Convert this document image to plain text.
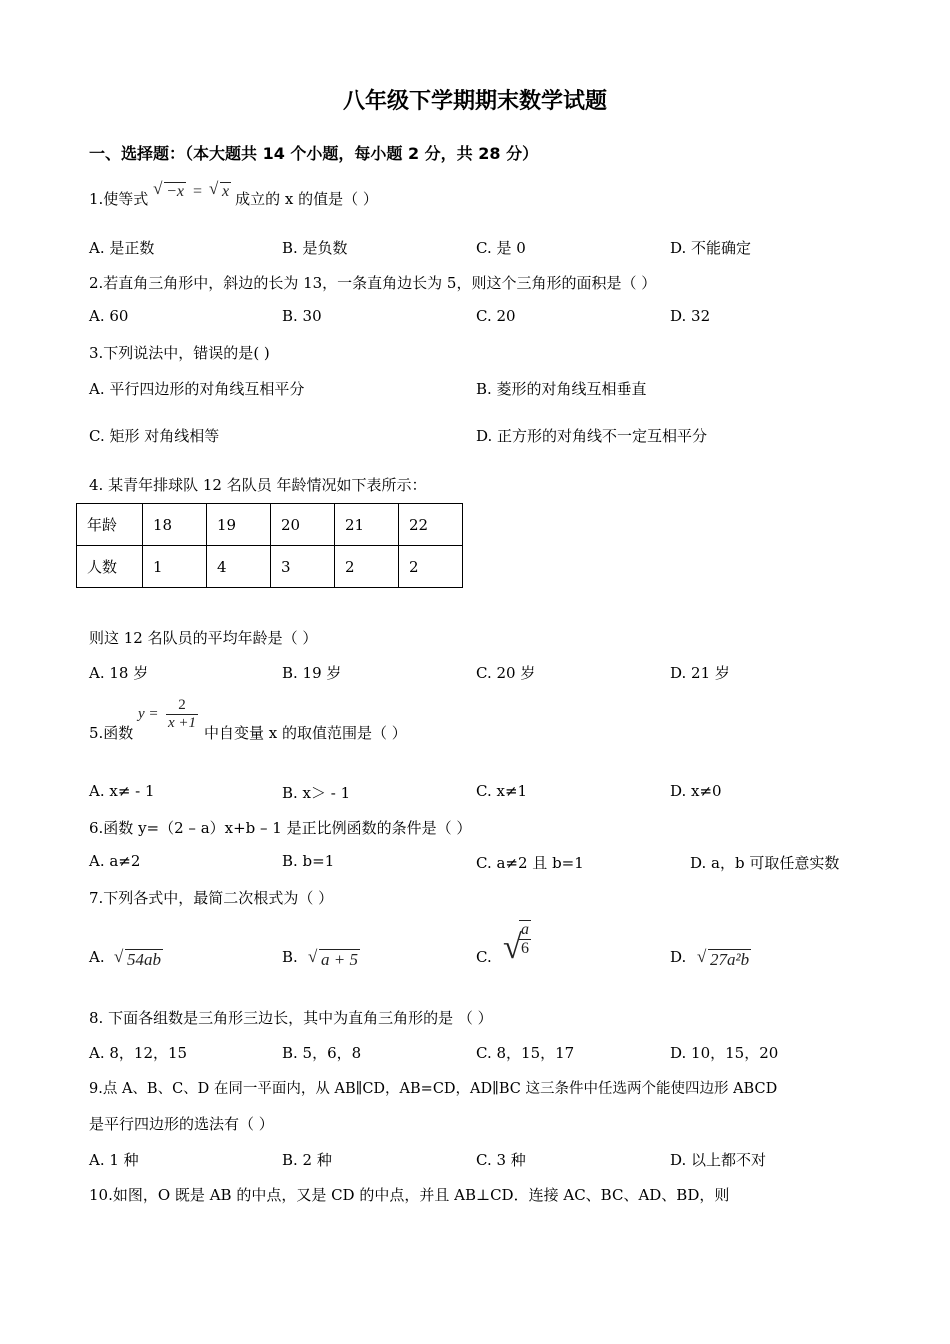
八年级下学期期末数学试题
一、选择题：（本大题共 14 个小题，每小题 2 分，共 28 分）
1.使等式
√ −x = √ x 成立的 x 的值是（ ）
A. 是正数	B. 是负数	C. 是 0	D. 不能确定
2.若直角三角形中，斜边的长为 13，一条直角边长为 5，则这个三角形的面积是（ ）
A. 60	B. 30	C. 20	D. 32
3.下列说法中，错误的是( )
A. 平行四边形的对角线互相平分	B. 菱形的对角线互相垂直
C. 矩形 对角线相等	D. 正方形的对角线不一定互相平分
4. 某青年排球队 12 名队员 年龄情况如下表所示：
年龄	18	19	20	21	22
人数	1	4	3	2	2
则这 12 名队员的平均年龄是（ ）
A. 18 岁	B. 19 岁	C. 20 岁	D. 21 岁
5.函数
$y = \frac{2}{x +1}$
中自变量 x 的取值范围是（ ）
A. x≠ - 1	B. x＞ - 1	C. x≠1	D. x≠0
6.函数 y=（2 – a）x+b – 1 是正比例函数的条件是（ ）
A. a≠2	B. b=1	C. a≠2 且 b=1	D. a，b 可取任意实数
7.下列各式中，最简二次根式为（ ）
A. √ 54ab	B. √ a + 5	C. √
$\frac{a}{6}$	D. √ 27a²b
8. 下面各组数是三角形三边长，其中为直角三角形的是 （ ）
A. 8，12，15	B. 5，6，8	C. 8，15，17	D. 10，15，20
9.点 A、B、C、D 在同一平面内，从 AB∥CD，AB=CD，AD∥BC 这三条件中任选两个能使四边形 ABCD
是平行四边形的选法有（ ）
A. 1 种	B. 2 种	C. 3 种	D. 以上都不对
10.如图，O 既是 AB 的中点，又是 CD 的中点，并且 AB⊥CD．连接 AC、BC、AD、BD，则
